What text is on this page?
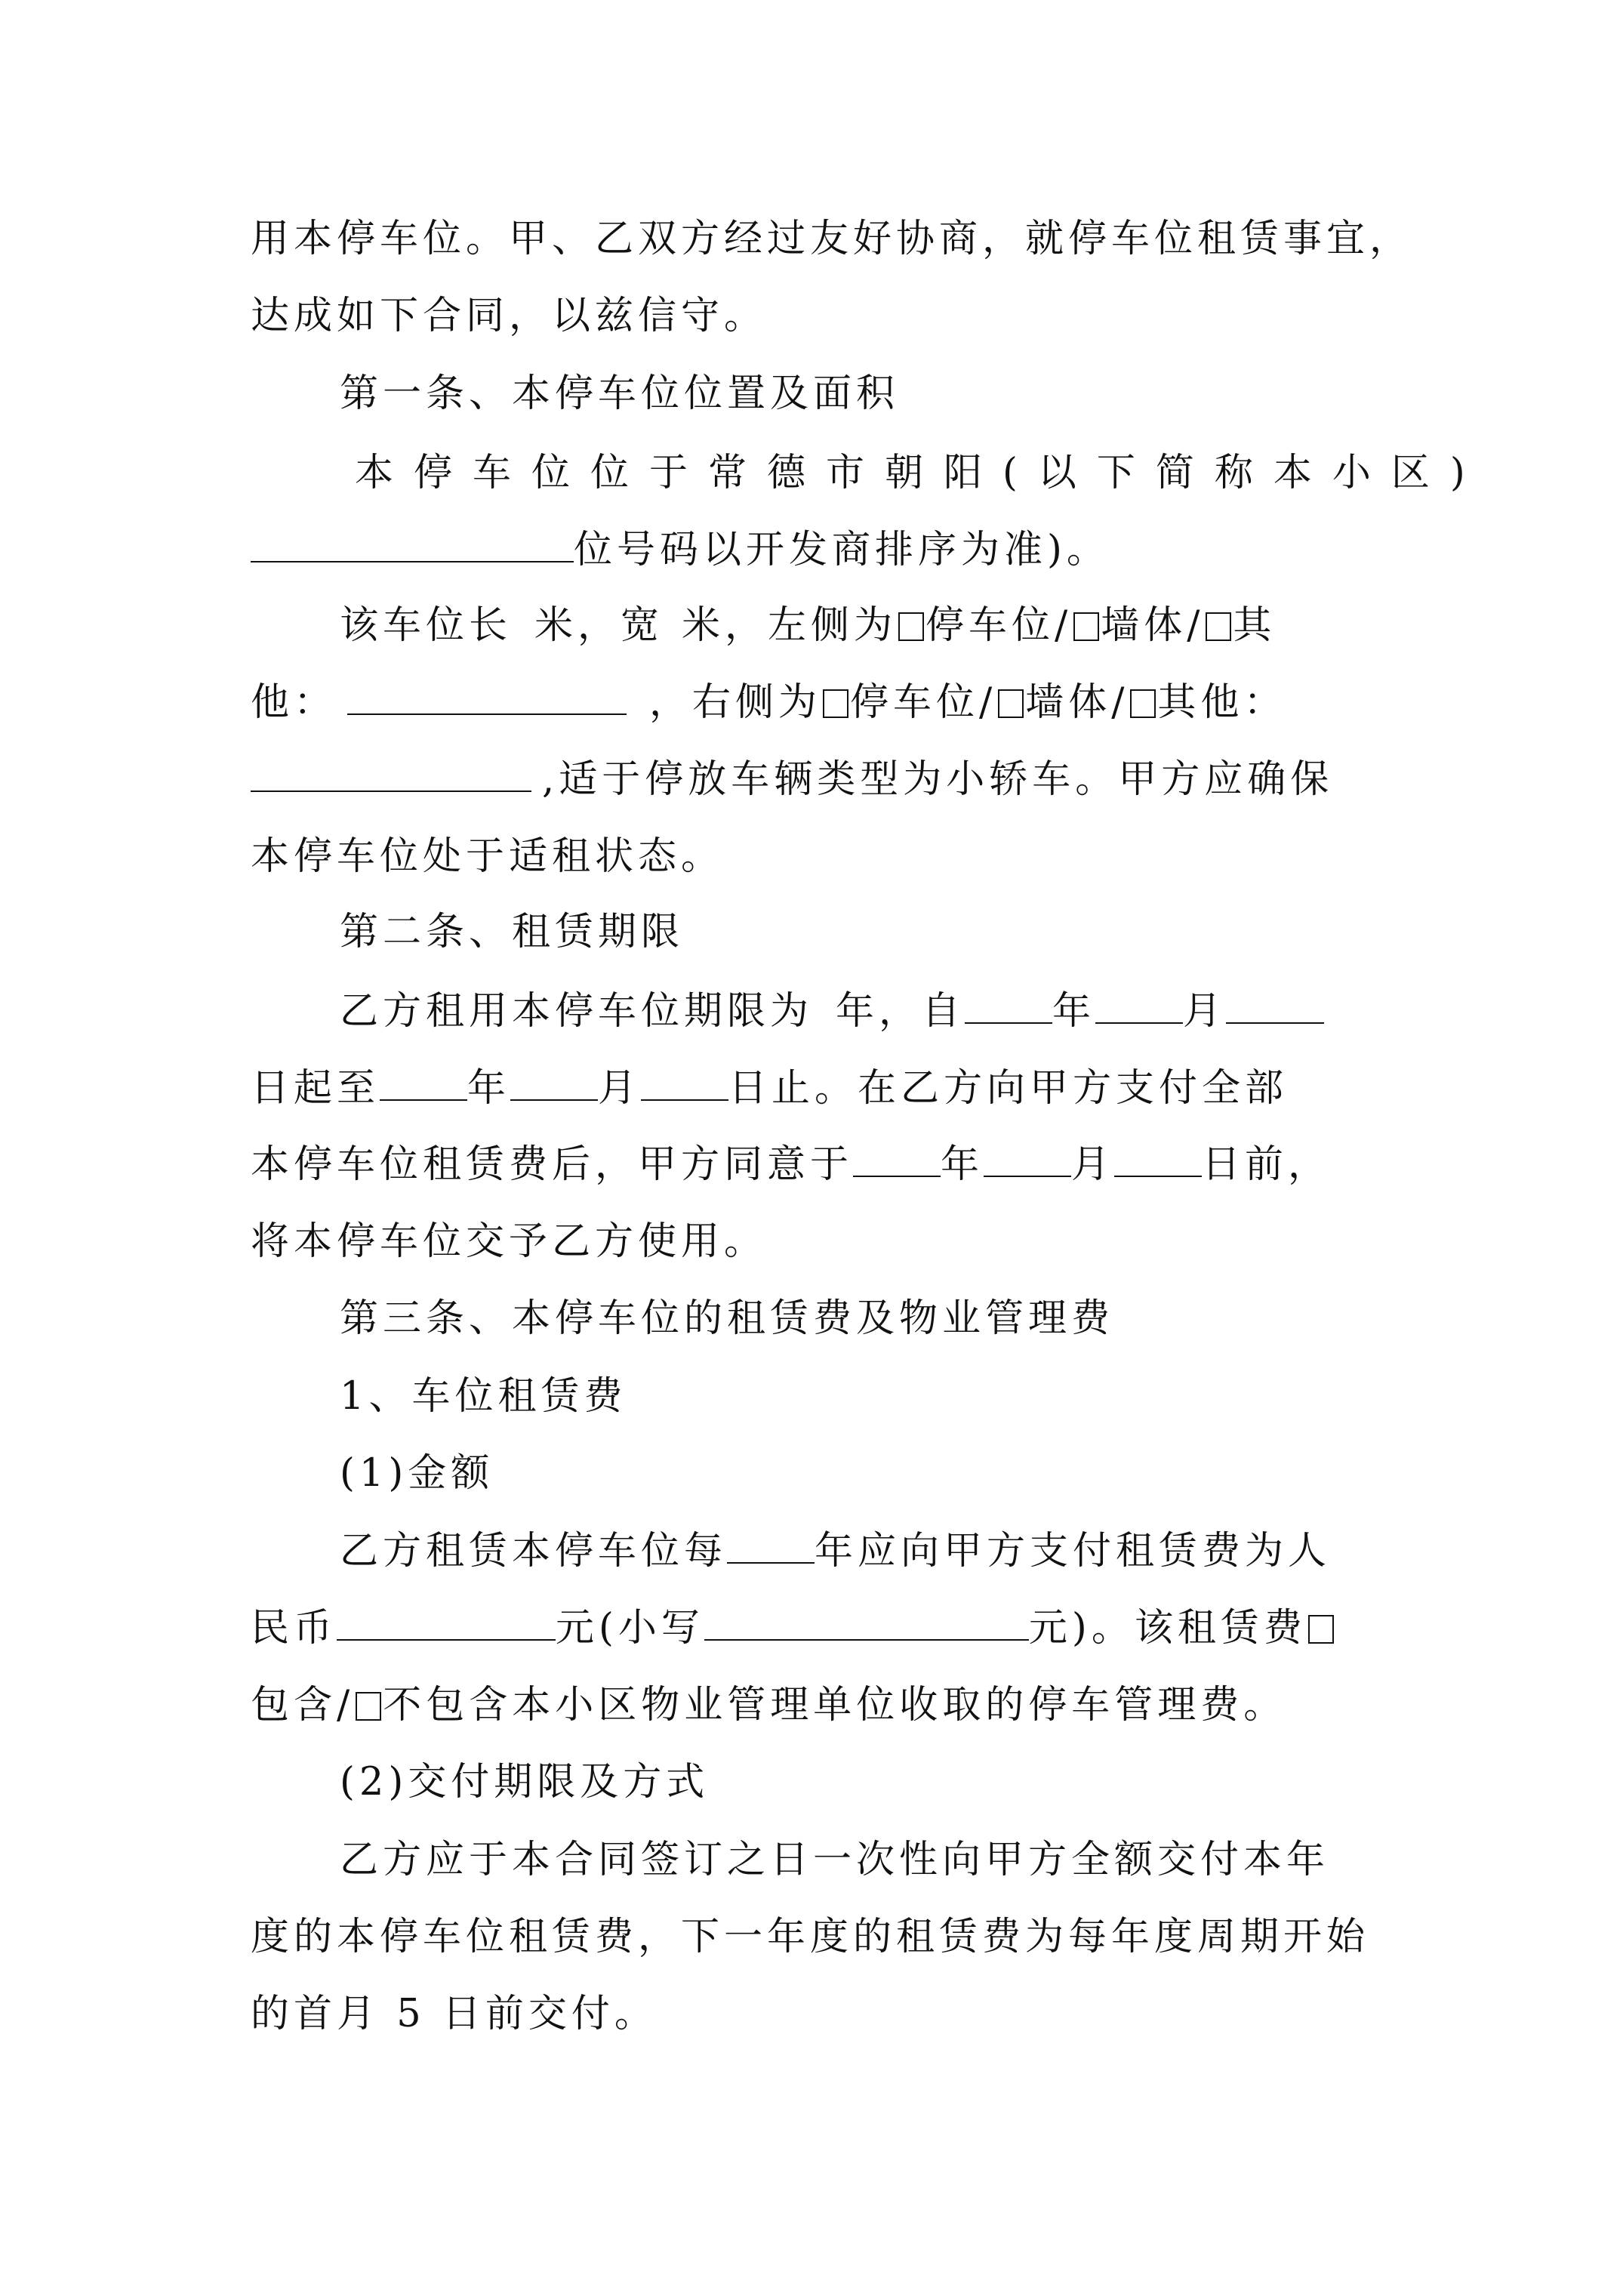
用本停车位。甲、乙双方经过友好协商，就停车位租赁事宜，
达成如下合同，以兹信守。
第一条、本停车位位置及面积
本停车位位于常德市朝阳(以下简称本小区)
位号码以开发商排序为准)。
该车位长 米，宽 米，左侧为 停车位/ 墙体/ 其
他：	，右侧为 停车位/ 墙体/ 其他：
,适于停放车辆类型为小轿车。甲方应确保
本停车位处于适租状态。
第二条、租赁期限
乙方租用本停车位期限为 年，自 年 月
日起至 年 月 日止。在乙方向甲方支付全部
本停车位租赁费后，甲方同意于 年 月 日前，
将本停车位交予乙方使用。
第三条、本停车位的租赁费及物业管理费
1、车位租赁费
(1)金额
乙方租赁本停车位每 年应向甲方支付租赁费为人
民币	元(小写	元)。该租赁费
包含/ 不包含本小区物业管理单位收取的停车管理费。
(2)交付期限及方式
乙方应于本合同签订之日一次性向甲方全额交付本年
度的本停车位租赁费，下一年度的租赁费为每年度周期开始
的首月 5 日前交付。
